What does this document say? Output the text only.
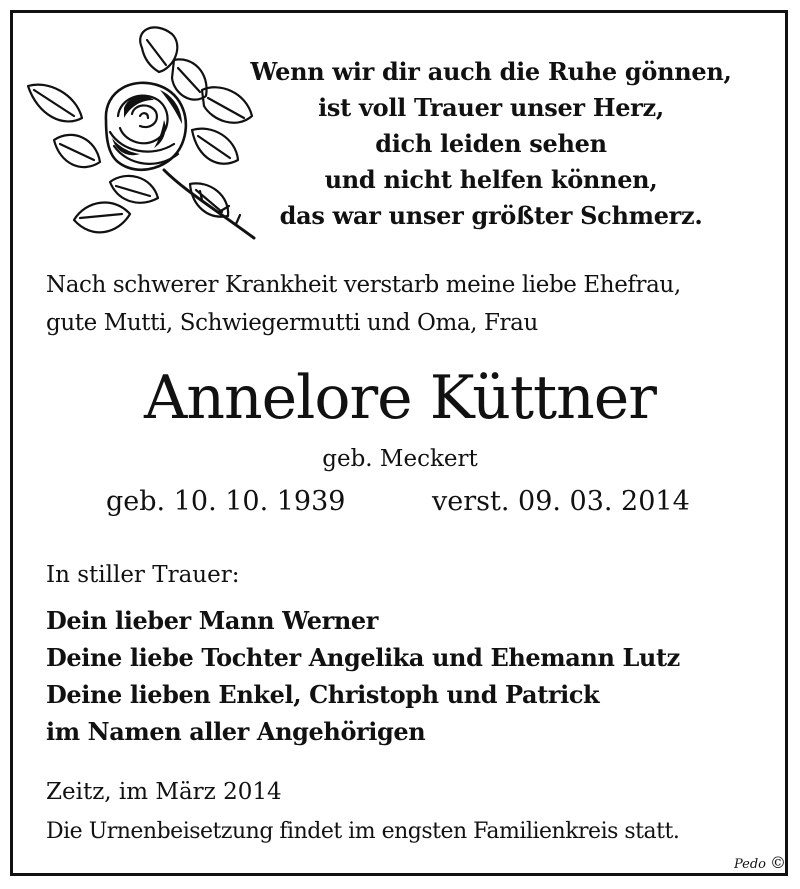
Wenn wir dir auch die Ruhe gönnen,
ist voll Trauer unser Herz,
dich leiden sehen
und nicht helfen können,
das war unser größter Schmerz.
Nach schwerer Krankheit verstarb meine liebe Ehefrau,
gute Mutti, Schwiegermutti und Oma, Frau
Annelore Küttner
geb. Meckert
geb. 10. 10. 1939	verst. 09. 03. 2014
In stiller Trauer:
Dein lieber Mann Werner
Deine liebe Tochter Angelika und Ehemann Lutz
Deine lieben Enkel, Christoph und Patrick
im Namen aller Angehörigen
Zeitz, im März 2014
Die Urnenbeisetzung findet im engsten Familienkreis statt.
Pedo ©
